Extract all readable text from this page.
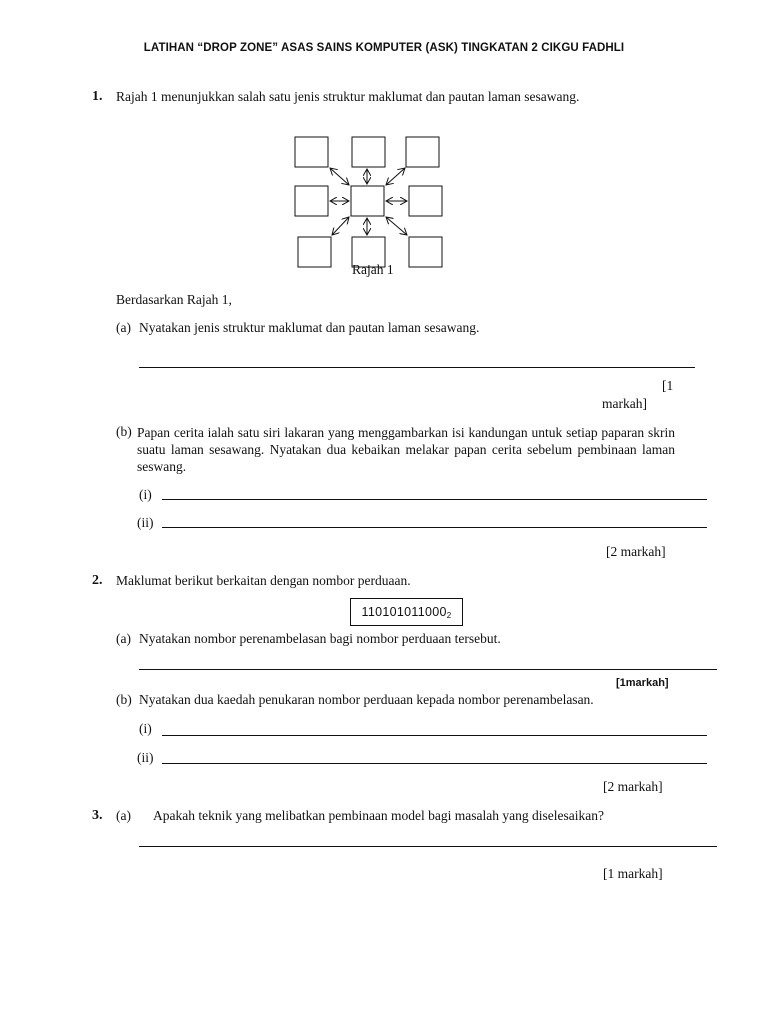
LATIHAN “DROP ZONE” ASAS SAINS KOMPUTER (ASK) TINGKATAN 2 CIKGU FADHLI
1. Rajah 1 menunjukkan salah satu jenis struktur maklumat dan pautan laman sesawang.
Rajah 1
Berdasarkan Rajah 1,
(a) Nyatakan jenis struktur maklumat dan pautan laman sesawang.
[1
markah]
(b) Papan cerita ialah satu siri lakaran yang menggambarkan isi kandungan untuk setiap paparan skrin suatu laman sesawang. Nyatakan dua kebaikan melakar papan cerita sebelum pembinaan laman seswang.
(i)
(ii)
[2 markah]
2. Maklumat berikut berkaitan dengan nombor perduaan.
$110101011000_2$
(a) Nyatakan nombor perenambelasan bagi nombor perduaan tersebut.
[1markah]
(b) Nyatakan dua kaedah penukaran nombor perduaan kepada nombor perenambelasan.
(i)
(ii)
[2 markah]
3. (a) Apakah teknik yang melibatkan pembinaan model bagi masalah yang diselesaikan?
[1 markah]
